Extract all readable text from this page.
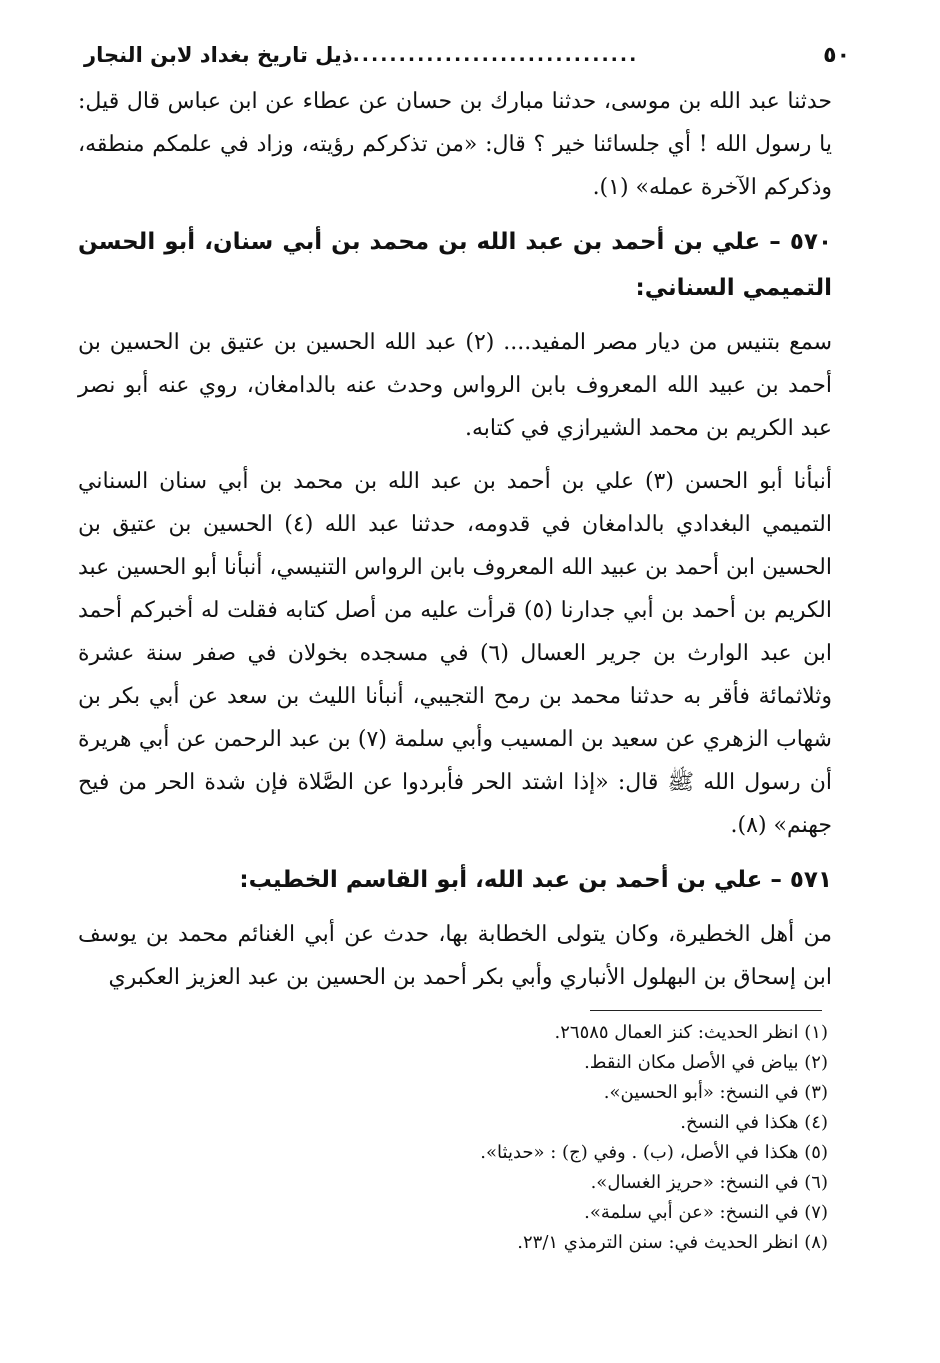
٥٠
...............................
ذيل تاريخ بغداد لابن النجار

حدثنا عبد الله بن موسى، حدثنا مبارك بن حسان عن عطاء عن ابن عباس قال قيل: يا رسول الله ! أي جلسائنا خير ؟ قال: «من تذكركم رؤيته، وزاد في علمكم منطقه، وذكركم الآخرة عمله» (١).

٥٧٠ – علي بن أحمد بن عبد الله بن محمد بن أبي سنان، أبو الحسن التميمي السناني:

سمع بتنيس من ديار مصر المفيد.... (٢) عبد الله الحسين بن عتيق بن الحسين بن أحمد بن عبيد الله المعروف بابن الرواس وحدث عنه بالدامغان، روي عنه أبو نصر عبد الكريم بن محمد الشيرازي في كتابه.

أنبأنا أبو الحسن (٣) علي بن أحمد بن عبد الله بن محمد بن أبي سنان السناني التميمي البغدادي بالدامغان في قدومه، حدثنا عبد الله (٤) الحسين بن عتيق بن الحسين ابن أحمد بن عبيد الله المعروف بابن الرواس التنيسي، أنبأنا أبو الحسين عبد الكريم بن أحمد بن أبي جدارنا (٥) قرأت عليه من أصل كتابه فقلت له أخبركم أحمد ابن عبد الوارث بن جرير العسال (٦) في مسجده بخولان في صفر سنة عشرة وثلاثمائة فأقر به حدثنا محمد بن رمح التجيبي، أنبأنا الليث بن سعد عن أبي بكر بن شهاب الزهري عن سعيد بن المسيب وأبي سلمة (٧) بن عبد الرحمن عن أبي هريرة أن رسول الله ﷺ قال: «إذا اشتد الحر فأبردوا عن الصَّلاة فإن شدة الحر من فيح جهنم» (٨).

٥٧١ – علي بن أحمد بن عبد الله، أبو القاسم الخطيب:

من أهل الخطيرة، وكان يتولى الخطابة بها، حدث عن أبي الغنائم محمد بن يوسف ابن إسحاق بن البهلول الأنباري وأبي بكر أحمد بن الحسين بن عبد العزيز العكبري

(١) انظر الحديث: كنز العمال ٢٦٥٨٥.
(٢) بياض في الأصل مكان النقط.
(٣) في النسخ: «أبو الحسين».
(٤) هكذا في النسخ.
(٥) هكذا في الأصل، (ب) . وفي (ج) : «حديثا».
(٦) في النسخ: «حريز الغسال».
(٧) في النسخ: «عن أبي سلمة».
(٨) انظر الحديث في: سنن الترمذي ٢٣/١.
